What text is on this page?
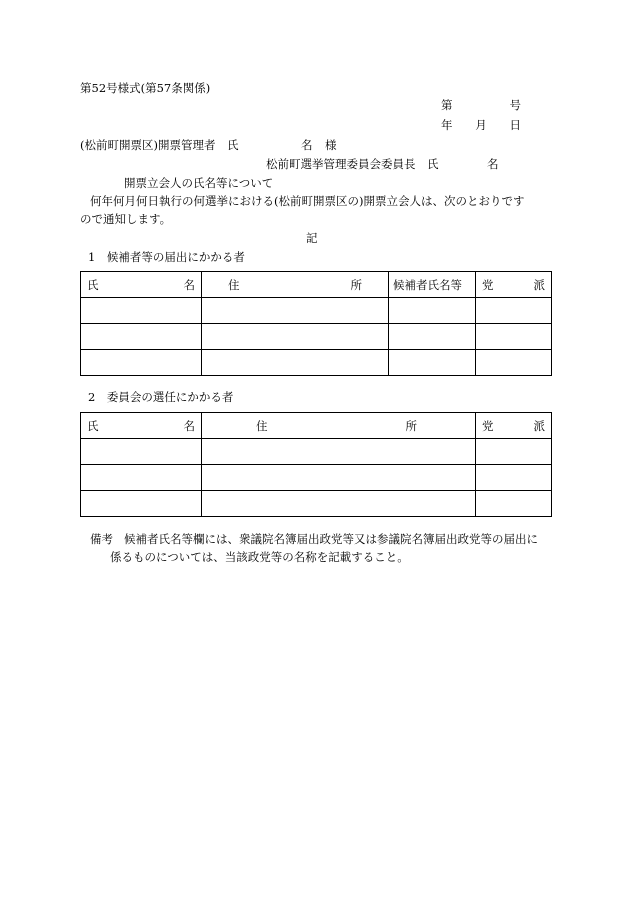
第52号様式(第57条関係)
第	号
年 月 日
(松前町開票区)開票管理者　氏	名 様
松前町選挙管理委員会委員長　氏	名
開票立会人の氏名等について
何年何月何日執行の何選挙における(松前町開票区の)開票立会人は、次のとおりです
ので通知します。
記
1　候補者等の届出にかかる者
氏 名	住 所	候補者氏名等	党 派

2　委員会の選任にかかる者
氏 名	住 所	党 派

備考 候補者氏名等欄には、衆議院名簿届出政党等又は参議院名簿届出政党等の届出に
係るものについては、当該政党等の名称を記載すること。
